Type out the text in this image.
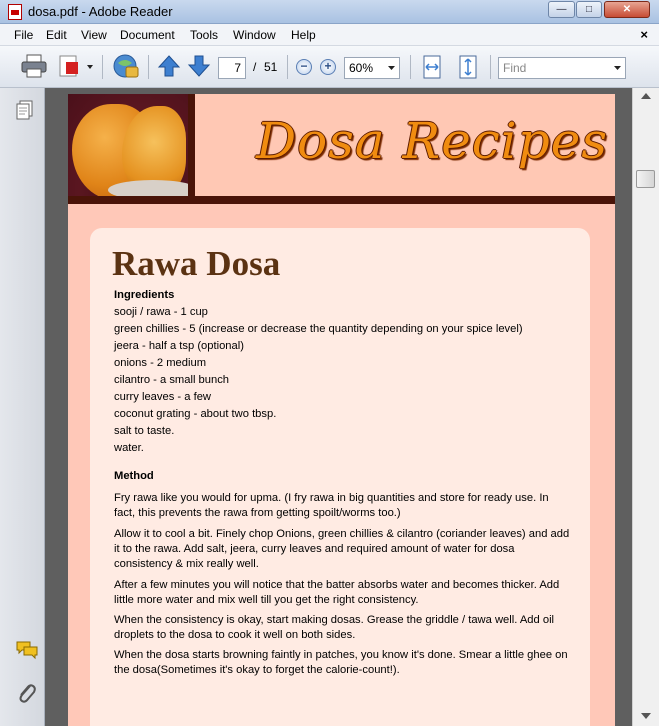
dosa.pdf - Adobe Reader	—	□	✕
File Edit View Document Tools Window Help	×
7	/ 51	−	+	60%	Find
Dosa Recipes
Rawa Dosa
Ingredients
sooji / rawa - 1 cup
green chillies - 5 (increase or decrease the quantity depending on your spice level)
jeera - half a tsp (optional)
onions - 2 medium
cilantro - a small bunch
curry leaves - a few
coconut grating - about two tbsp.
salt to taste.
water.
Method
Fry rawa like you would for upma. (I fry rawa in big quantities and store for ready use. In fact, this prevents the rawa from getting spoilt/worms too.)
Allow it to cool a bit. Finely chop Onions, green chillies & cilantro (coriander leaves) and add it to the rawa. Add salt, jeera, curry leaves and required amount of water for dosa consistency & mix really well.
After a few minutes you will notice that the batter absorbs water and becomes thicker. Add little more water and mix well till you get the right consistency.
When the consistency is okay, start making dosas. Grease the griddle / tawa well. Add oil droplets to the dosa to cook it well on both sides.
When the dosa starts browning faintly in patches, you know it's done. Smear a little ghee on the dosa(Sometimes it's okay to forget the calorie-count!).
